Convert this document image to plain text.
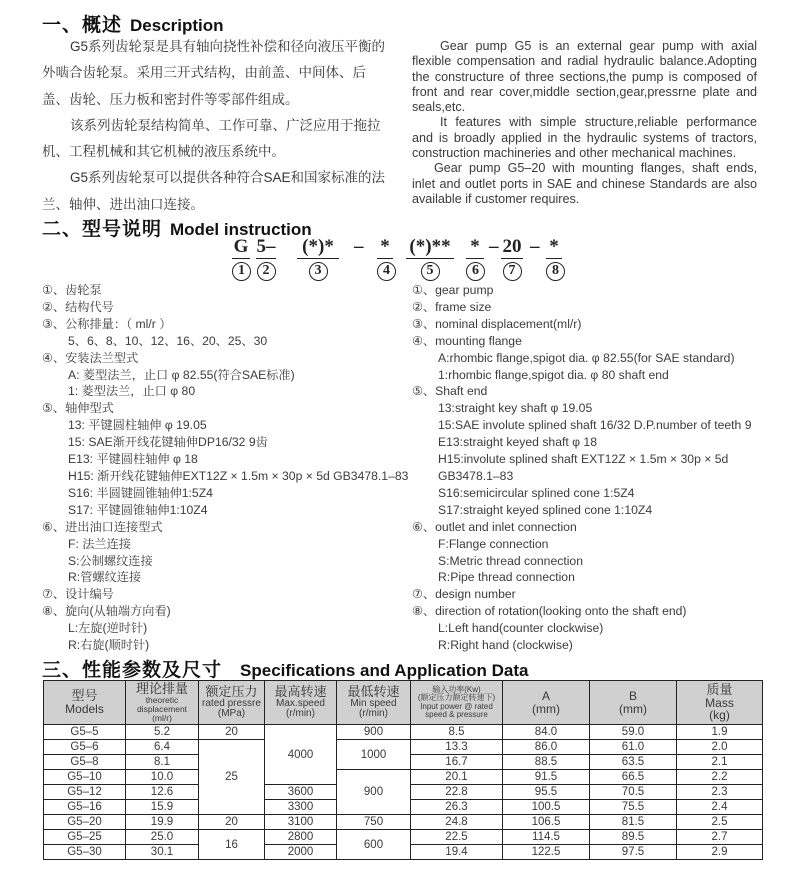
一、概述 Description

G5系列齿轮泵是具有轴向挠性补偿和径向液压平衡的外啮合齿轮泵。采用三开式结构，由前盖、中间体、后盖、齿轮、压力板和密封件等零部件组成。

该系列齿轮泵结构简单、工作可靠、广泛应用于拖拉机、工程机械和其它机械的液压系统中。

G5系列齿轮泵可以提供各种符合SAE和国家标准的法兰、轴伸、进出油口连接。

Gear pump G5 is an external gear pump with axial flexible compensation and radial hydraulic balance.Adopting the constructure of three sections,the pump is composed of front and rear cover,middle section,gear,pressrne plate and seals,etc.

It features with simple structure,reliable performance and is broadly applied in the hydraulic systems of tractors, construction machineries and other mechanical machines.

Gear pump G5–20 with mounting flanges, shaft ends, inlet and outlet ports in SAE and chinese Standards are also available if customer requires.

二、型号说明 Model instruction
G
1
5–
2
(*)*
3
– *
4
(*)**
5
*
6
– 20
7
– *
8
①、齿轮泵
②、结构代号
③、公称排量：（ ml/r ）
5、6、8、10、12、16、20、25、30
④、安装法兰型式
A: 菱型法兰，止口 φ 82.55(符合SAE标准)
1: 菱型法兰，止口 φ 80
⑤、轴伸型式
13: 平键圆柱轴伸 φ 19.05
15: SAE渐开线花键轴伸DP16/32 9齿
E13: 平键圆柱轴伸 φ 18
H15: 渐开线花键轴伸EXT12Z × 1.5m × 30p × 5d GB3478.1–83
S16: 半圆键圆锥轴伸1:5Z4
S17: 平键圆锥轴伸1:10Z4
⑥、进出油口连接型式
F: 法兰连接
S:公制螺纹连接
R:管螺纹连接
⑦、设计编号
⑧、旋向(从轴端方向看)
L:左旋(逆时针)
R:右旋(顺时针)
①、gear pump
②、frame size
③、nominal displacement(ml/r)
④、mounting flange
A:rhombic flange,spigot dia. φ 82.55(for SAE standard)
1:rhombic flange,spigot dia. φ 80 shaft end
⑤、Shaft end
13:straight key shaft φ 19.05
15:SAE involute splined shaft 16/32 D.P.number of teeth 9
E13:straight keyed shaft φ 18
H15:involute splined shaft EXT12Z × 1.5m × 30p × 5d
GB3478.1–83
S16:semicircular splined cone 1:5Z4
S17:straight keyed splined cone 1:10Z4
⑥、outlet and inlet connection
F:Flange connection
S:Metric thread connection
R:Pipe thread connection
⑦、design number
⑧、direction of rotation(looking onto the shaft end)
L:Left hand(counter clockwise)
R:Right hand (clockwise)
三、性能参数及尺寸 Specifications and Application Data
型号
Models	理论排量
theoretic displacement
(ml/r)	额定压力
rated pressre
(MPa)	最高转速
Max.speed
(r/min)	最低转速
Min speed
(r/min)	输入功率(Kw)
(额定压力额定转速下)
Input power @ rated
speed & pressure	A
(mm)	B
(mm)	质量
Mass
(kg)

G5–5	5.2	20	4000	900	8.5	84.0	59.0	1.9
G5–6	6.4	25		1000	13.3	86.0	61.0	2.0
G5–8	8.1				16.7	88.5	63.5	2.1
G5–10	10.0			900	20.1	91.5	66.5	2.2
G5–12	12.6		3600		22.8	95.5	70.5	2.3
G5–16	15.9		3300		26.3	100.5	75.5	2.4
G5–20	19.9	20	3100	750	24.8	106.5	81.5	2.5
G5–25	25.0	16	2800	600	22.5	114.5	89.5	2.7
G5–30	30.1		2000		19.4	122.5	97.5	2.9
